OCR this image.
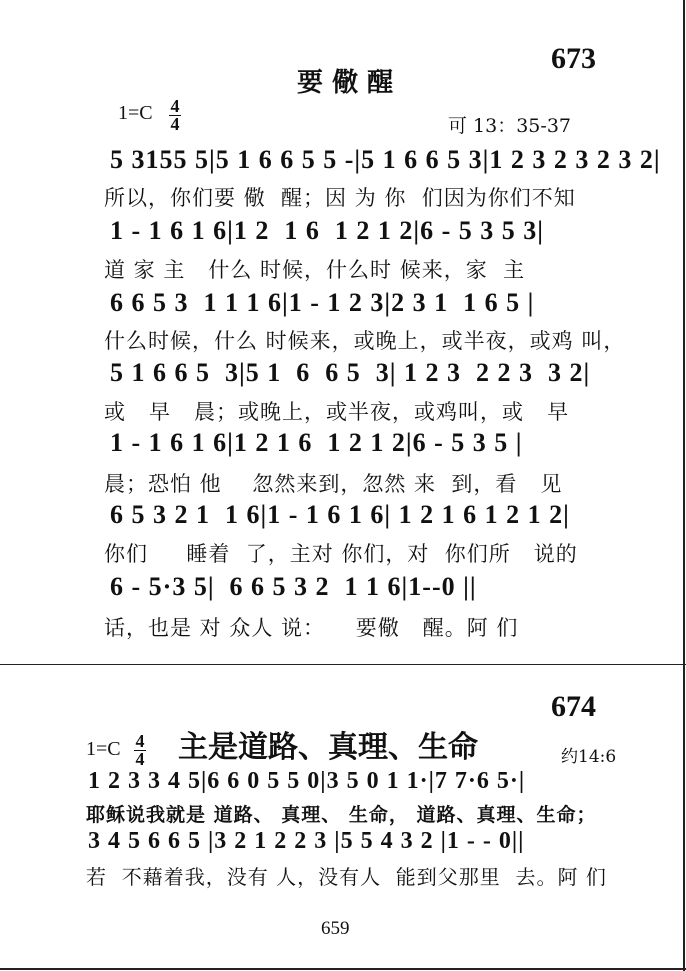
673
要 儆 醒
1=C 4
4	可 13：35-37
5 3155 5|5 1 6 6 5 5 -|5 1 6 6 5 3|1 2 3 2 3 2 3 2|
所以，你们要 儆  醒；因 为 你  们因为你们不知
1 - 1 6 1 6|1 2  1 6  1 2 1 2|6 - 5 3 5 3|
道 家 主   什么 时候，什么时 候来，家  主
6 6 5 3  1 1 1 6|1 - 1 2 3|2 3 1  1 6 5 |
什么时候，什么 时候来，或晚上，或半夜，或鸡 叫，
5 1 6 6 5  3|5 1  6  6 5  3| 1 2 3  2 2 3  3 2|
或   早   晨；或晚上，或半夜，或鸡叫，或   早
1 - 1 6 1 6|1 2 1 6  1 2 1 2|6 - 5 3 5 |
晨；恐怕 他    忽然来到，忽然 来  到，看   见
6 5 3 2 1  1 6|1 - 1 6 1 6| 1 2 1 6 1 2 1 2|
你们     睡着  了，主对 你们，对  你们所   说的
6 - 5·3 5|  6 6 5 3 2  1 1 6|1--0 ||
话，也是 对 众人 说：    要儆   醒。阿 们
674
1=C 4
4 主是道路、真理、生命	约14:6
1 2 3 3 4 5|6 6 0 5 5 0|3 5 0 1 1·|7 7·6 5·|
耶稣说我就是 道路、 真理、 生命， 道路、真理、生命；
3 4 5 6 6 5 |3 2 1 2 2 3 |5 5 4 3 2 |1 - - 0||
若  不藉着我，没有 人，没有人  能到父那里  去。阿 们
659
